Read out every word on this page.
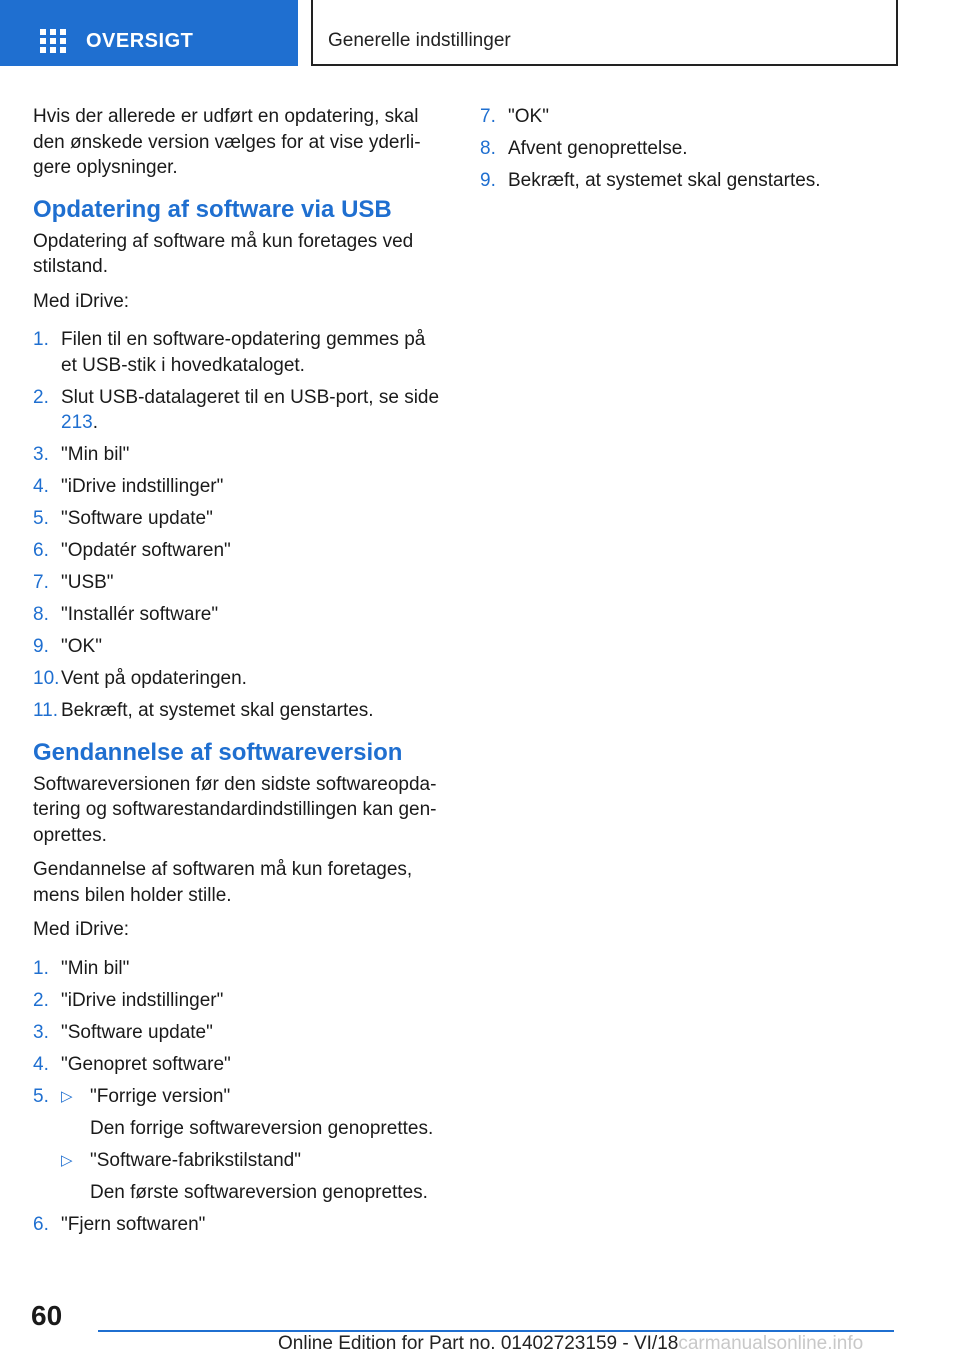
OVERSIGT	Generelle indstillinger

Hvis der allerede er udført en opdatering, skal
den ønskede version vælges for at vise yderli-
gere oplysninger.

Opdatering af software via USB

Opdatering af software må kun foretages ved stilstand.

Med iDrive:

1. Filen til en software-opdatering gemmes på et USB-stik i hovedkataloget.
2. Slut USB-datalageret til en USB-port, se side 213.
3. "Min bil"
4. "iDrive indstillinger"
5. "Software update"
6. "Opdatér softwaren"
7. "USB"
8. "Installér software"
9. "OK"
10. Vent på opdateringen.
11. Bekræft, at systemet skal genstartes.
Gendannelse af softwareversion

Softwareversionen før den sidste softwareopda-
tering og softwarestandardindstillingen kan gen-
oprettes.

Gendannelse af softwaren må kun foretages, mens bilen holder stille.

Med iDrive:

1. "Min bil"
2. "iDrive indstillinger"
3. "Software update"
4. "Genopret software"
5. ▷ "Forrige version"
Den forrige softwareversion genoprettes.
▷ "Software-fabrikstilstand"
Den første softwareversion genoprettes.
6. "Fjern softwaren"
7. "OK"
8. Afvent genoprettelse.
9. Bekræft, at systemet skal genstartes.
60
Online Edition for Part no. 01402723159 - VI/18carmanualsonline.info
